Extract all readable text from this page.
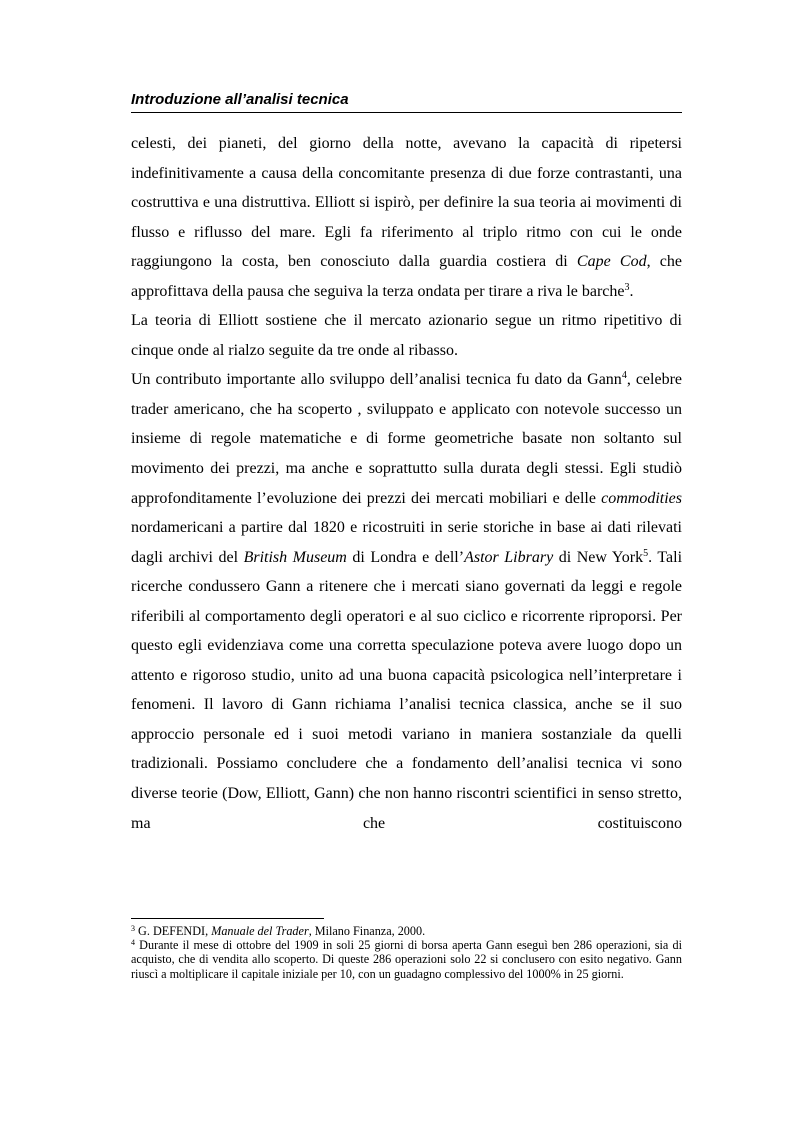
Introduzione all’analisi tecnica

celesti, dei pianeti, del giorno della notte, avevano la capacità di ripetersi indefinitivamente a causa della concomitante presenza di due forze contrastanti, una costruttiva e una distruttiva. Elliott si ispirò, per definire la sua teoria ai movimenti di flusso e riflusso del mare. Egli fa riferimento al triplo ritmo con cui le onde raggiungono la costa, ben conosciuto dalla guardia costiera di Cape Cod, che approfittava della pausa che seguiva la terza ondata per tirare a riva le barche$^3$.

La teoria di Elliott sostiene che il mercato azionario segue un ritmo ripetitivo di cinque onde al rialzo seguite da tre onde al ribasso.

Un contributo importante allo sviluppo dell’analisi tecnica fu dato da Gann$^4$, celebre trader americano, che ha scoperto , sviluppato e applicato con notevole successo un insieme di regole matematiche e di forme geometriche basate non soltanto sul movimento dei prezzi, ma anche e soprattutto sulla durata degli stessi. Egli studiò approfonditamente l’evoluzione dei prezzi dei mercati mobiliari e delle commodities nordamericani a partire dal 1820 e ricostruiti in serie storiche in base ai dati rilevati dagli archivi del British Museum di Londra e dell’Astor Library di New York$^5$. Tali ricerche condussero Gann a ritenere che i mercati siano governati da leggi e regole riferibili al comportamento degli operatori e al suo ciclico e ricorrente riproporsi. Per questo egli evidenziava come una corretta speculazione poteva avere luogo dopo un attento e rigoroso studio, unito ad una buona capacità psicologica nell’interpretare i fenomeni. Il lavoro di Gann richiama l’analisi tecnica classica, anche se il suo approccio personale ed i suoi metodi variano in maniera sostanziale da quelli tradizionali. Possiamo concludere che a fondamento dell’analisi tecnica vi sono diverse teorie (Dow, Elliott, Gann) che non hanno riscontri scientifici in senso stretto, ma che costituiscono

$^3$ G. DEFENDI, Manuale del Trader, Milano Finanza, 2000.

$^4$ Durante il mese di ottobre del 1909 in soli 25 giorni di borsa aperta Gann eseguì ben 286 operazioni, sia di acquisto, che di vendita allo scoperto. Di queste 286 operazioni solo 22 si conclusero con esito negativo. Gann riuscì a moltiplicare il capitale iniziale per 10, con un guadagno complessivo del 1000% in 25 giorni.
